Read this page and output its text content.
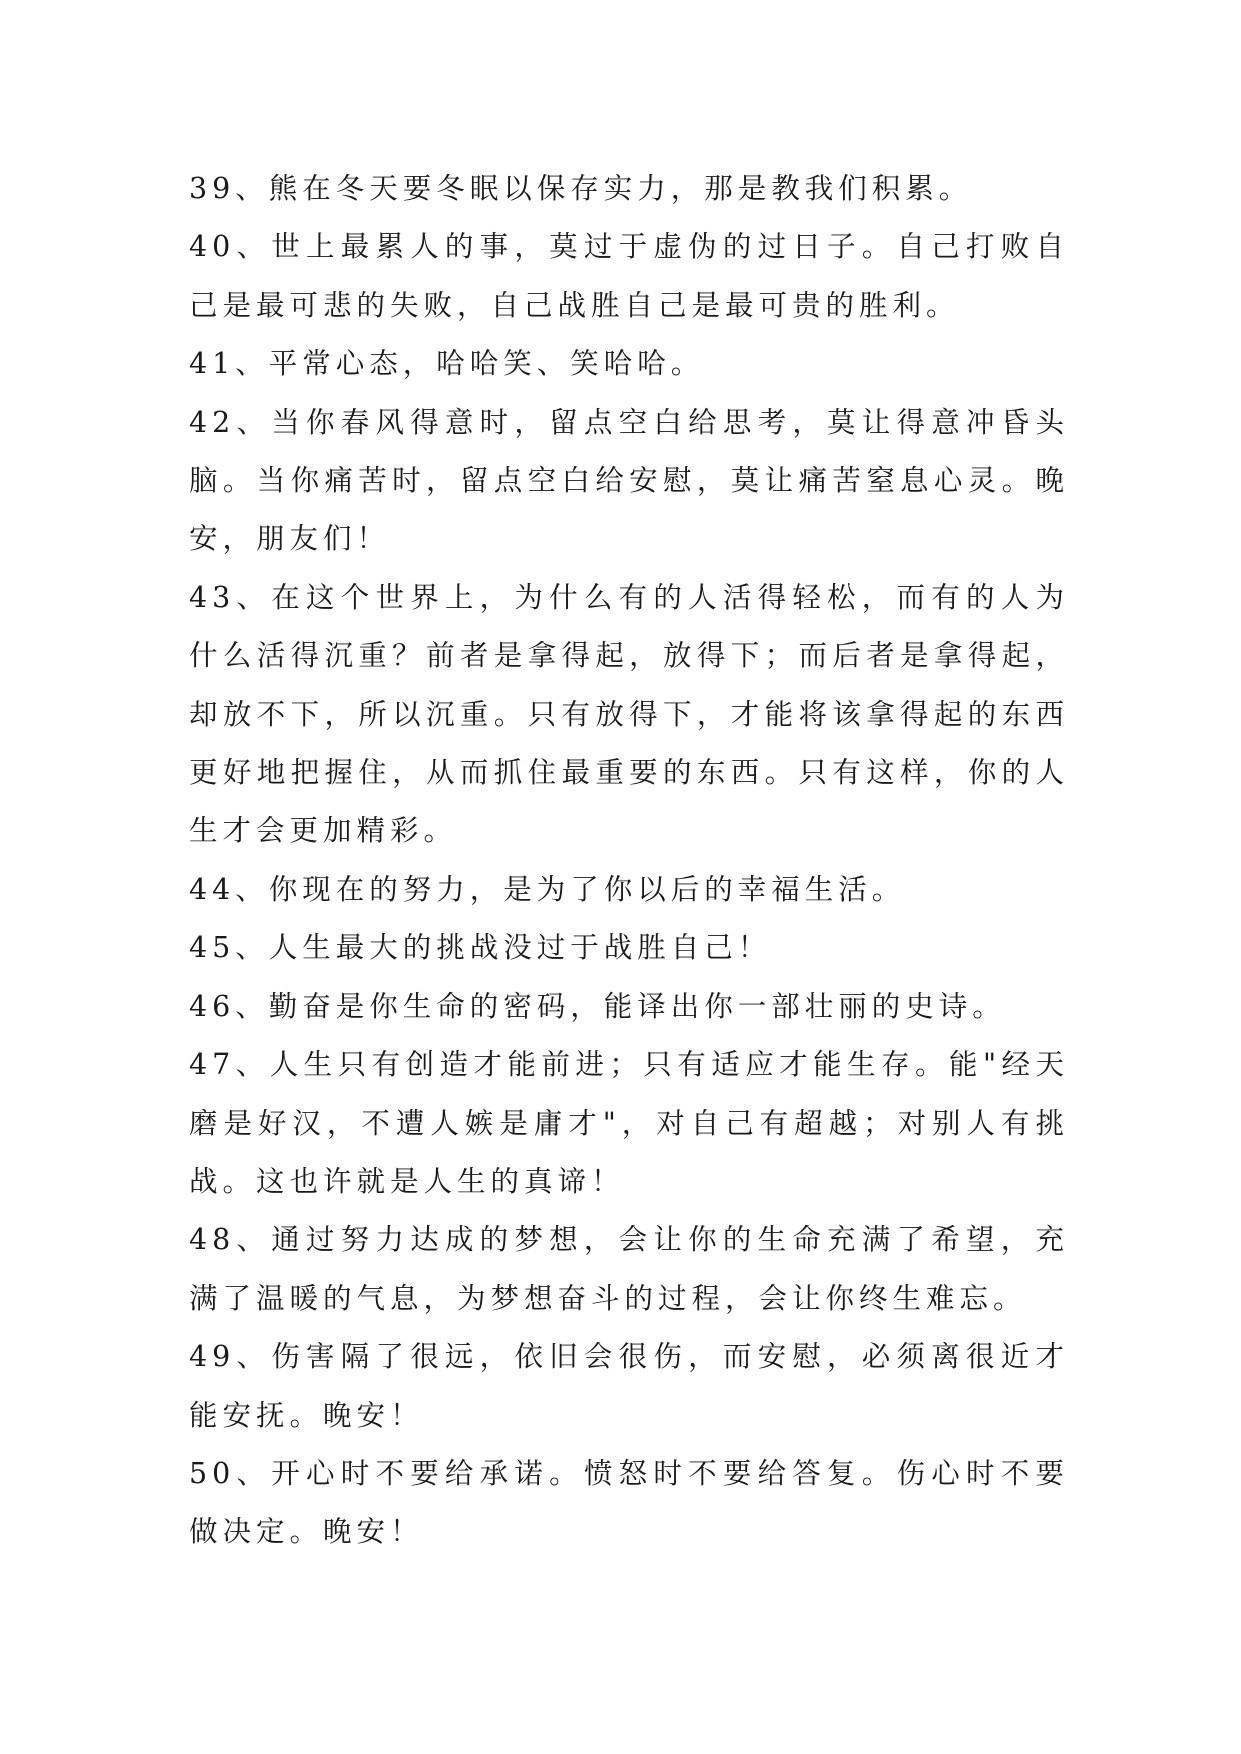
39、熊在冬天要冬眠以保存实力，那是教我们积累。

40、世上最累人的事，莫过于虚伪的过日子。自己打败自己是最可悲的失败，自己战胜自己是最可贵的胜利。

41、平常心态，哈哈笑、笑哈哈。

42、当你春风得意时，留点空白给思考，莫让得意冲昏头脑。当你痛苦时，留点空白给安慰，莫让痛苦窒息心灵。晚安，朋友们！

43、在这个世界上，为什么有的人活得轻松，而有的人为什么活得沉重？前者是拿得起，放得下；而后者是拿得起，却放不下，所以沉重。只有放得下，才能将该拿得起的东西更好地把握住，从而抓住最重要的东西。只有这样，你的人生才会更加精彩。

44、你现在的努力，是为了你以后的幸福生活。

45、人生最大的挑战没过于战胜自己！

46、勤奋是你生命的密码，能译出你一部壮丽的史诗。

47、人生只有创造才能前进；只有适应才能生存。能"经天磨是好汉，不遭人嫉是庸才"，对自己有超越；对别人有挑战。这也许就是人生的真谛！

48、通过努力达成的梦想，会让你的生命充满了希望，充满了温暖的气息，为梦想奋斗的过程，会让你终生难忘。

49、伤害隔了很远，依旧会很伤，而安慰，必须离很近才能安抚。晚安！

50、开心时不要给承诺。愤怒时不要给答复。伤心时不要做决定。晚安！
